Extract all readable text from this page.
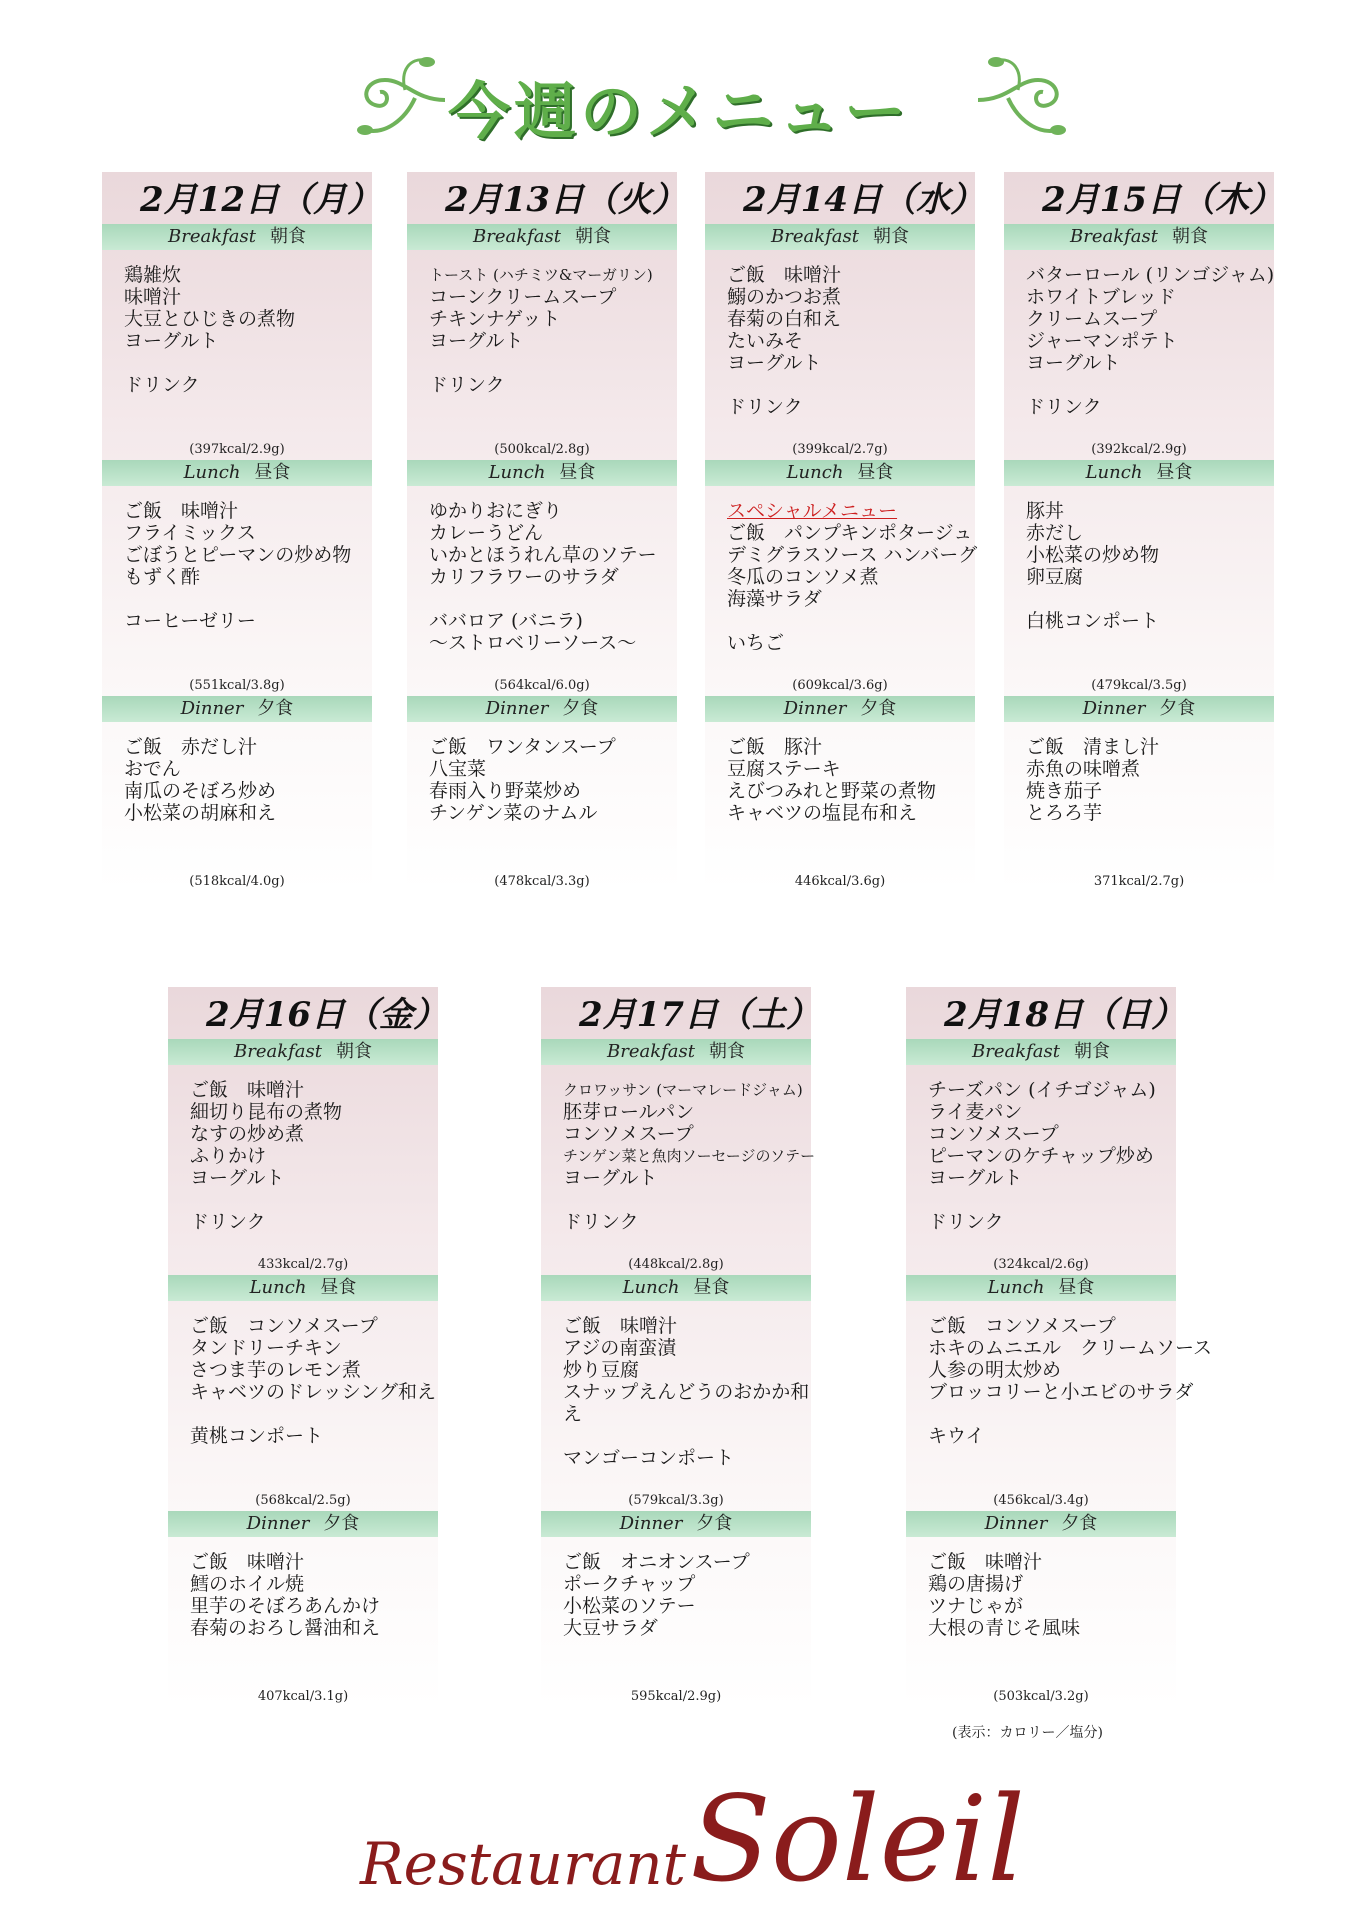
今週のメニュー
2月12日（月）
Breakfast 朝食
鶏雑炊
味噌汁
大豆とひじきの煮物
ヨーグルト
ドリンク
(397kcal/2.9g)
Lunch 昼食
ご飯　味噌汁
フライミックス
ごぼうとピーマンの炒め物
もずく酢
コーヒーゼリー
(551kcal/3.8g)
Dinner 夕食
ご飯　赤だし汁
おでん
南瓜のそぼろ炒め
小松菜の胡麻和え
(518kcal/4.0g)
2月13日（火）
Breakfast 朝食
トースト (ハチミツ&マーガリン)
コーンクリームスープ
チキンナゲット
ヨーグルト
ドリンク
(500kcal/2.8g)
Lunch 昼食
ゆかりおにぎり
カレーうどん
いかとほうれん草のソテー
カリフラワーのサラダ
ババロア (バニラ)
～ストロベリーソース～
(564kcal/6.0g)
Dinner 夕食
ご飯　ワンタンスープ
八宝菜
春雨入り野菜炒め
チンゲン菜のナムル
(478kcal/3.3g)
2月14日（水）
Breakfast 朝食
ご飯　味噌汁
鰯のかつお煮
春菊の白和え
たいみそ
ヨーグルト
ドリンク
(399kcal/2.7g)
Lunch 昼食
スペシャルメニュー
ご飯　パンプキンポタージュ
デミグラスソース ハンバーグ
冬瓜のコンソメ煮
海藻サラダ
いちご
(609kcal/3.6g)
Dinner 夕食
ご飯　豚汁
豆腐ステーキ
えびつみれと野菜の煮物
キャベツの塩昆布和え
446kcal/3.6g)
2月15日（木）
Breakfast 朝食
バターロール (リンゴジャム)
ホワイトブレッド
クリームスープ
ジャーマンポテト
ヨーグルト
ドリンク
(392kcal/2.9g)
Lunch 昼食
豚丼
赤だし
小松菜の炒め物
卵豆腐
白桃コンポート
(479kcal/3.5g)
Dinner 夕食
ご飯　清まし汁
赤魚の味噌煮
焼き茄子
とろろ芋
371kcal/2.7g)
2月16日（金）
Breakfast 朝食
ご飯　味噌汁
細切り昆布の煮物
なすの炒め煮
ふりかけ
ヨーグルト
ドリンク
433kcal/2.7g)
Lunch 昼食
ご飯　コンソメスープ
タンドリーチキン
さつま芋のレモン煮
キャベツのドレッシング和え
黄桃コンポート
(568kcal/2.5g)
Dinner 夕食
ご飯　味噌汁
鱈のホイル焼
里芋のそぼろあんかけ
春菊のおろし醤油和え
407kcal/3.1g)
2月17日（土）
Breakfast 朝食
クロワッサン (マーマレードジャム)
胚芽ロールパン
コンソメスープ
チンゲン菜と魚肉ソーセージのソテー
ヨーグルト
ドリンク
(448kcal/2.8g)
Lunch 昼食
ご飯　味噌汁
アジの南蛮漬
炒り豆腐
スナップえんどうのおかか和
え
マンゴーコンポート
(579kcal/3.3g)
Dinner 夕食
ご飯　オニオンスープ
ポークチャップ
小松菜のソテー
大豆サラダ
595kcal/2.9g)
2月18日（日）
Breakfast 朝食
チーズパン (イチゴジャム)
ライ麦パン
コンソメスープ
ピーマンのケチャップ炒め
ヨーグルト
ドリンク
(324kcal/2.6g)
Lunch 昼食
ご飯　コンソメスープ
ホキのムニエル　クリームソース
人参の明太炒め
ブロッコリーと小エビのサラダ
キウイ
(456kcal/3.4g)
Dinner 夕食
ご飯　味噌汁
鶏の唐揚げ
ツナじゃが
大根の青じそ風味
(503kcal/3.2g)
(表示：カロリー／塩分)
Restaurant Soleil
